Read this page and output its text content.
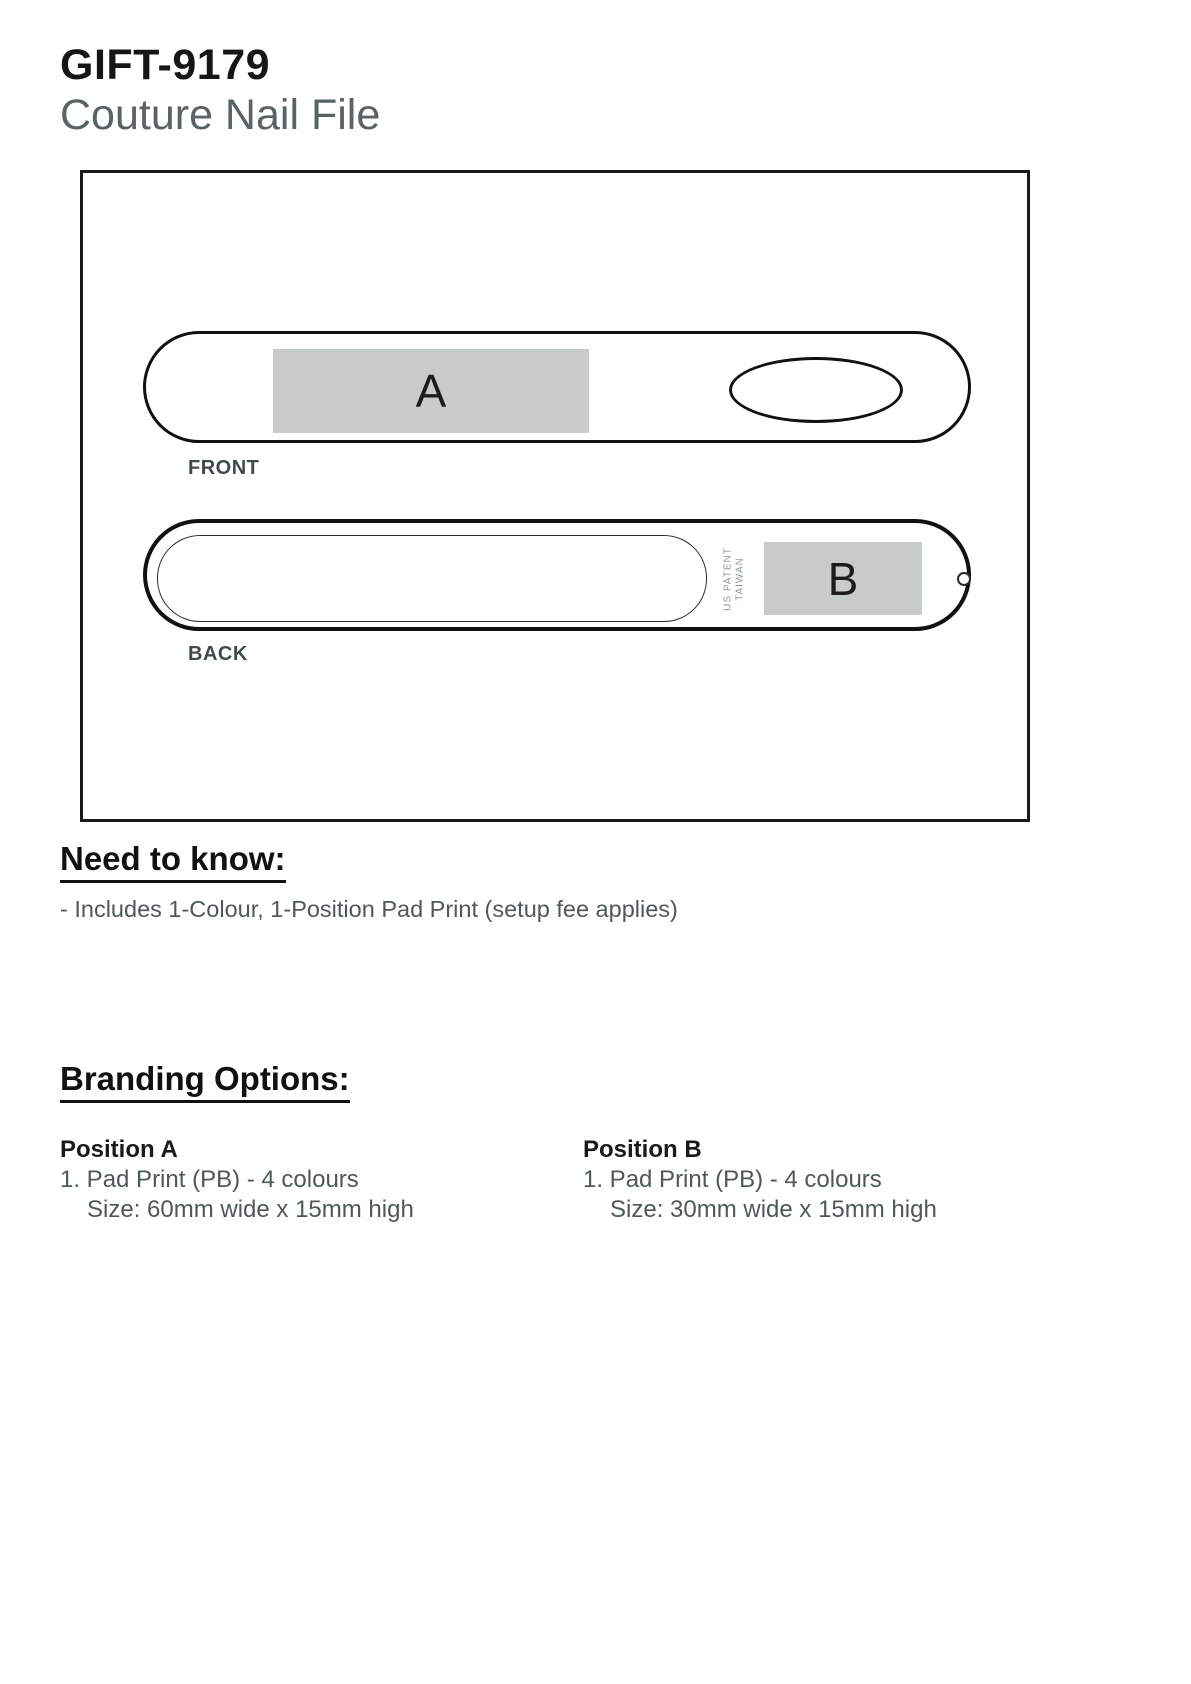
GIFT-9179
Couture Nail File
A
FRONT
US PATENT TAIWAN B
BACK
Need to know:
- Includes 1-Colour, 1-Position Pad Print (setup fee applies)
Branding Options:
Position A
1. Pad Print (PB) - 4 colours
Size: 60mm wide x 15mm high
Position B
1. Pad Print (PB) - 4 colours
Size: 30mm wide x 15mm high
